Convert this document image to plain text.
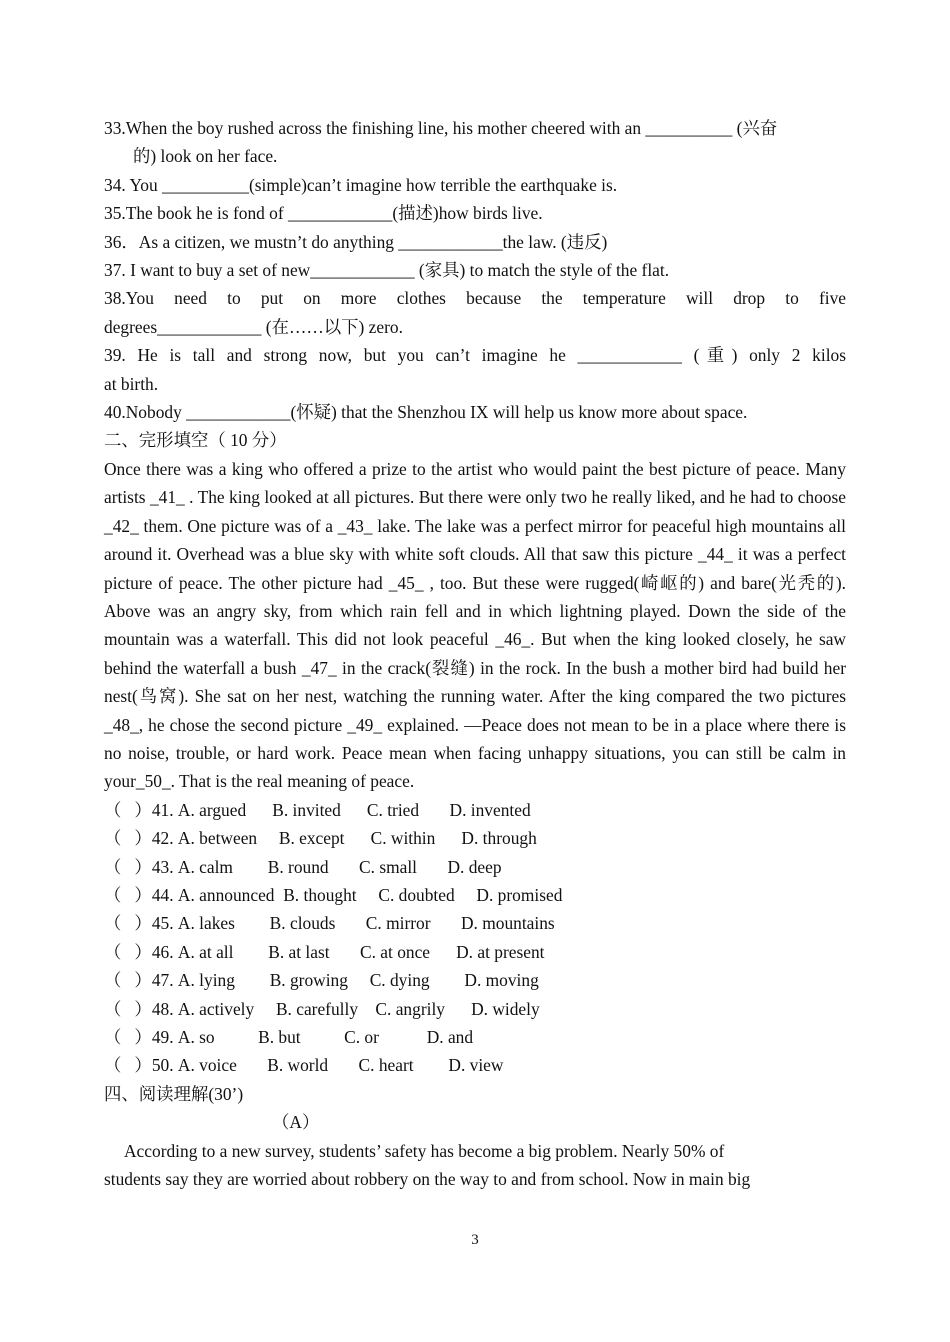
33.When the boy rushed across the finishing line, his mother cheered with an __________ (兴奋
的) look on her face.
34. You __________(simple)can’t imagine how terrible the earthquake is.
35.The book he is fond of ____________(描述)how birds live.
36．As a citizen, we mustn’t do anything ____________the law. (违反)
37. I want to buy a set of new____________ (家具) to match the style of the flat.
38.You need to put on more clothes because the temperature will drop to five
degrees____________ (在……以下) zero.
39. He is tall and strong now, but you can’t imagine he ____________ (重) only 2 kilos
at birth.
40.Nobody ____________(怀疑) that the Shenzhou IX will help us know more about space.
二、完形填空（ 10 分）
Once there was a king who offered a prize to the artist who would paint the best picture of peace. Many artists _41_ . The king looked at all pictures. But there were only two he really liked, and he had to choose _42_ them. One picture was of a _43_ lake. The lake was a perfect mirror for peaceful high mountains all around it. Overhead was a blue sky with white soft clouds. All that saw this picture _44_ it was a perfect picture of peace. The other picture had _45_ , too. But these were rugged(崎岖的) and bare(光秃的). Above was an angry sky, from which rain fell and in which lightning played. Down the side of the mountain was a waterfall. This did not look peaceful _46_. But when the king looked closely, he saw behind the waterfall a bush _47_ in the crack(裂缝) in the rock. In the bush a mother bird had build her nest(鸟窝). She sat on her nest, watching the running water. After the king compared the two pictures _48_, he chose the second picture _49_ explained. —Peace does not mean to be in a place where there is no noise, trouble, or hard work. Peace mean when facing unhappy situations, you can still be calm in your_50_. That is the real meaning of peace.
（   ）41. A. argued      B. invited      C. tried       D. invented
（   ）42. A. between     B. except      C. within      D. through
（   ）43. A. calm        B. round       C. small       D. deep
（   ）44. A. announced  B. thought     C. doubted     D. promised
（   ）45. A. lakes        B. clouds       C. mirror       D. mountains
（   ）46. A. at all        B. at last       C. at once      D. at present
（   ）47. A. lying        B. growing     C. dying        D. moving
（   ）48. A. actively     B. carefully    C. angrily      D. widely
（   ）49. A. so          B. but          C. or           D. and
（   ）50. A. voice       B. world       C. heart        D. view
四、阅读理解(30’)
（A）
According to a new survey, students’ safety has become a big problem. Nearly 50% of
students say they are worried about robbery on the way to and from school. Now in main big
3
